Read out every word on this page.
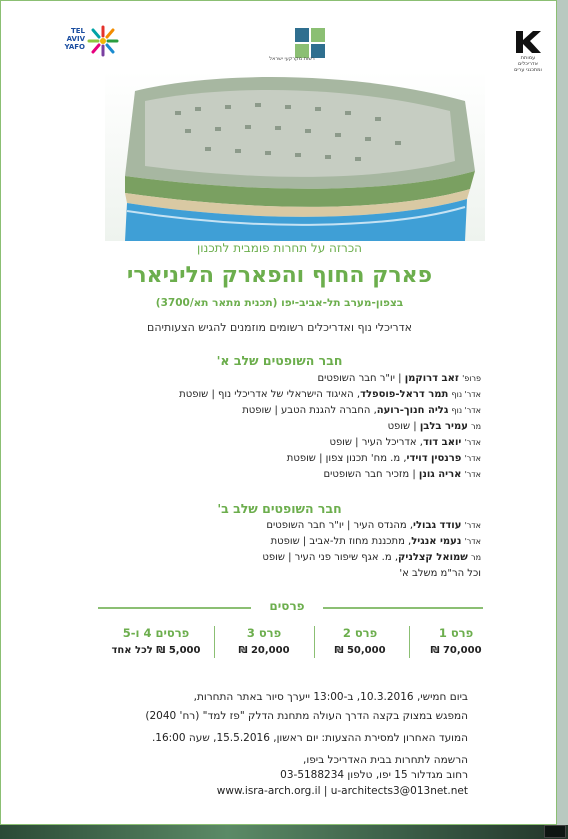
TEL AVIV YAFO
רשות מקרקעי ישראל	עמותת אדריכלים ומתכנני ערים
הכרזה על תחרות פומבית לתכנון
פארק החוף והפארק הליניארי
בצפון-מערב תל-אביב-יפו (תכנית מתאר תא/3700)
אדריכלי נוף ואדריכלים רשומים מוזמנים להגיש הצעותיהם
חבר השופטים שלב א'
פרופ' זאב דרוקמן | יו"ר חבר השופטים
אדר' נוף תמר דראל-פוספלד, האיגוד הישראלי של אדריכלי נוף | שופטת
אדר' נוף גליה חנוך-רועה, החברה להגנת הטבע | שופטת
מר עמיר בלבן | שופט
אדר' יואב דוד, אדריכל העיר | שופט
אדר' פרנסין דוידי, מ. מח' תכנון צפון | שופטת
אדר' אריה גונן | מזכיר חבר השופטים
חבר השופטים שלב ב'
אדר' עודד גבולי, מהנדס העיר | יו"ר חבר השופטים
אדר' נעמי אנגיל, מתכננת מחוז תל-אביב | שופטת
מר שמואל קצלניק, מ. אגף שיפור פני העיר | שופט
וכל הר"מ משלב א'
פרסים
פרס 1
70,000 ₪
פרס 2
50,000 ₪
פרס 3
20,000 ₪
פרסים 4 ו-5
5,000 ₪ לכל אחד
ביום חמישי, 10.3.2016, ב-13:00 ייערך סיור באתר התחרות,
המפגש במצוק בקצה הדרך העולה מתחנת הדלק "פז למד" (רח' 2040)
המועד האחרון למסירת ההצעות: יום ראשון, 15.5.2016, שעה 16:00.
הרשמה לתחרות בבית האדריכל ביפו,
רחוב מגדלור 15 יפו, טלפון 03-5188234
www.isra-arch.org.il | u-architects3@013net.net
